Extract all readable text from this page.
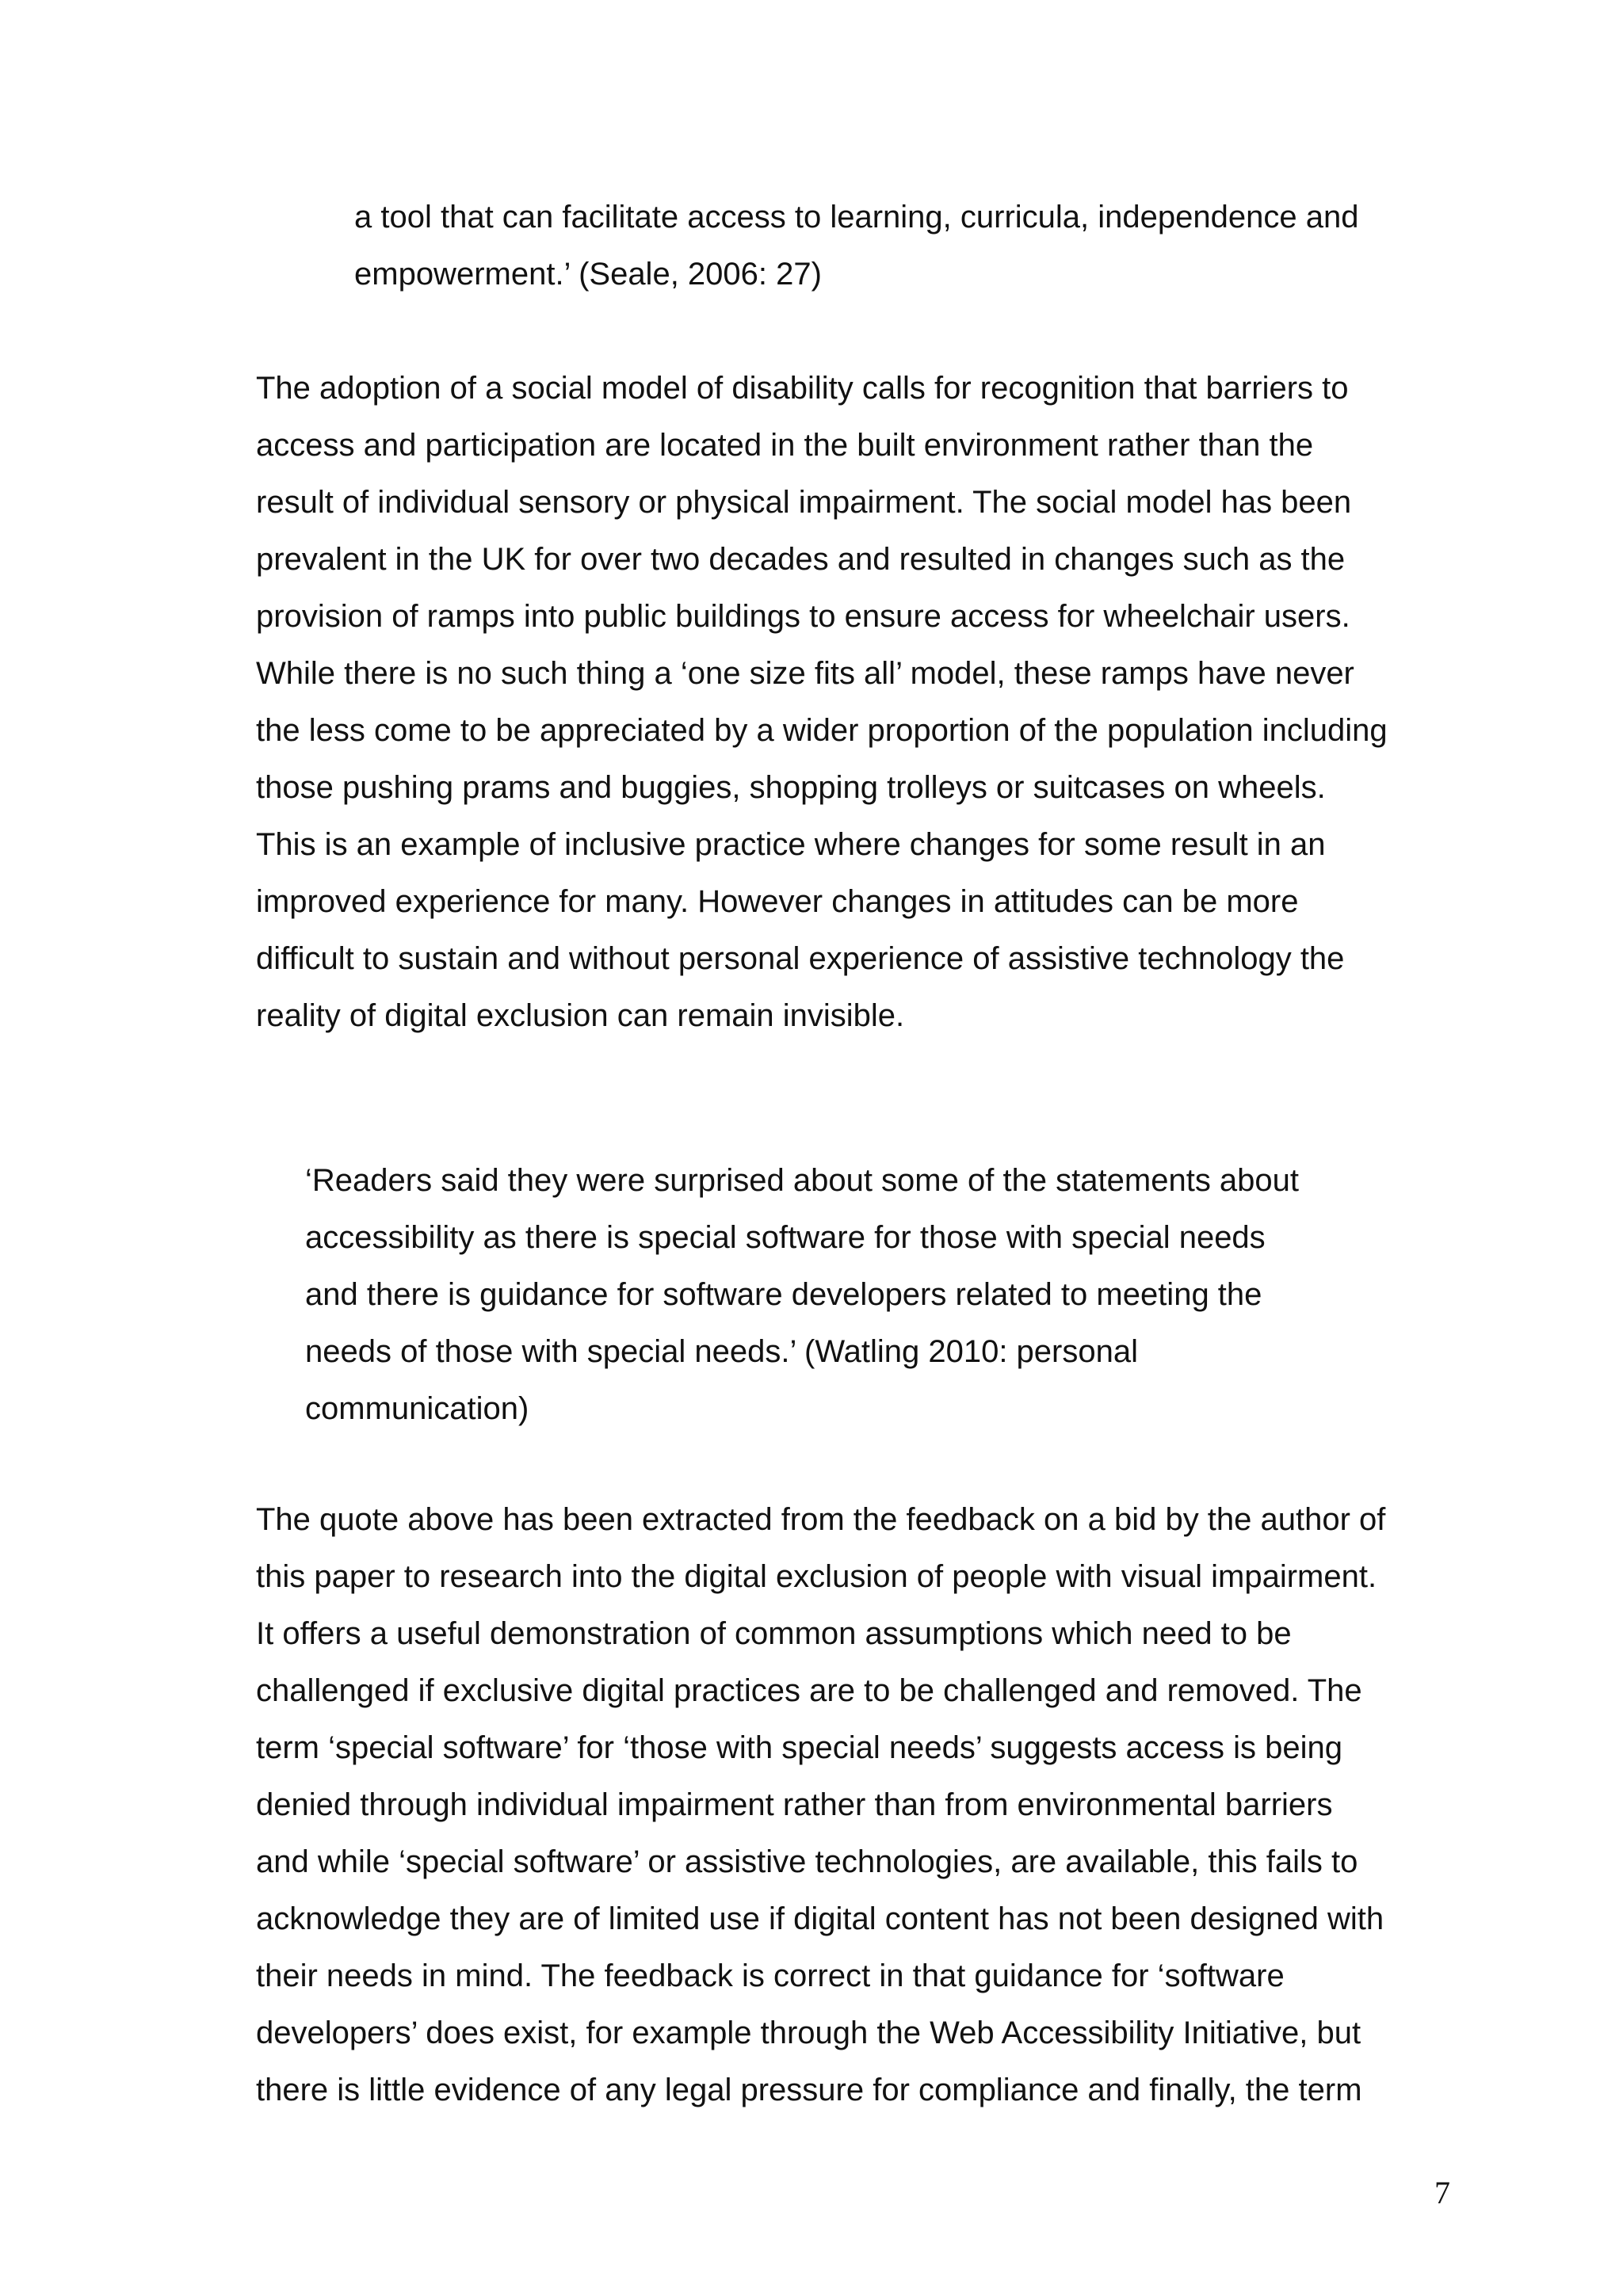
a tool that can facilitate access to learning, curricula, independence and
empowerment.’ (Seale, 2006: 27)

The adoption of a social model of disability calls for recognition that barriers to
access and participation are located in the built environment rather than the
result of individual sensory or physical impairment. The social model has been
prevalent in the UK for over two decades and resulted in changes such as the
provision of ramps into public buildings to ensure access for wheelchair users.
While there is no such thing a ‘one size fits all’ model, these ramps have never
the less come to be appreciated by a wider proportion of the population including
those pushing prams and buggies, shopping trolleys or suitcases on wheels.
This is an example of inclusive practice where changes for some result in an
improved experience for many. However changes in attitudes can be more
difficult to sustain and without personal experience of assistive technology the
reality of digital exclusion can remain invisible.

‘Readers said they were surprised about some of the statements about
accessibility as there is special software for those with special needs
and there is guidance for software developers related to meeting the
needs of those with special needs.’ (Watling 2010: personal
communication)

The quote above has been extracted from the feedback on a bid by the author of
this paper to research into the digital exclusion of people with visual impairment.
It offers a useful demonstration of common assumptions which need to be
challenged if exclusive digital practices are to be challenged and removed. The
term ‘special software’ for ‘those with special needs’ suggests access is being
denied through individual impairment rather than from environmental barriers
and while ‘special software’ or assistive technologies, are available, this fails to
acknowledge they are of limited use if digital content has not been designed with
their needs in mind. The feedback is correct in that guidance for ‘software
developers’ does exist, for example through the Web Accessibility Initiative, but
there is little evidence of any legal pressure for compliance and finally, the term

7
